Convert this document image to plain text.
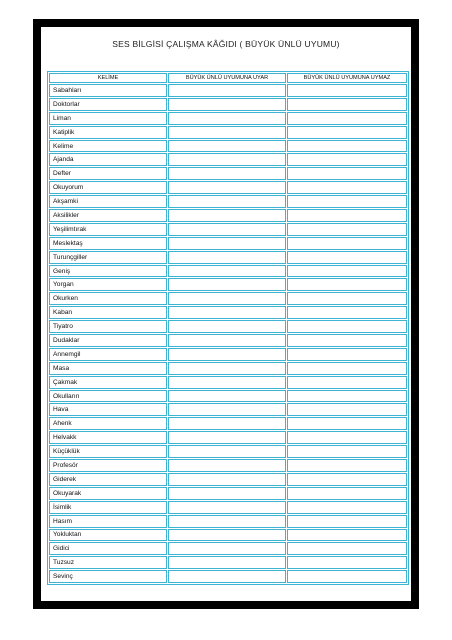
SES BİLGİSİ ÇALIŞMA KÂĞIDI ( BÜYÜK ÜNLÜ UYUMU)
KELİME	BÜYÜK ÜNLÜ UYUMUNA UYAR	BÜYÜK ÜNLÜ UYUMUNA UYMAZ
Sabahları
Doktorlar
Liman
Katiplik
Kelime
Ajanda
Defter
Okuyorum
Akşamki
Aksilikler
Yeşilimtırak
Meslektaş
Turunçgiller
Geniş
Yorgan
Okurken
Kaban
Tiyatro
Dudaklar
Annemgil
Masa
Çakmak
Okulların
Hava
Ahenk
Helvakk
Küçüklük
Profesör
Giderek
Okuyarak
İsimlik
Hasım
Yokluktan
Gidici
Tuzsuz
Sevinç
